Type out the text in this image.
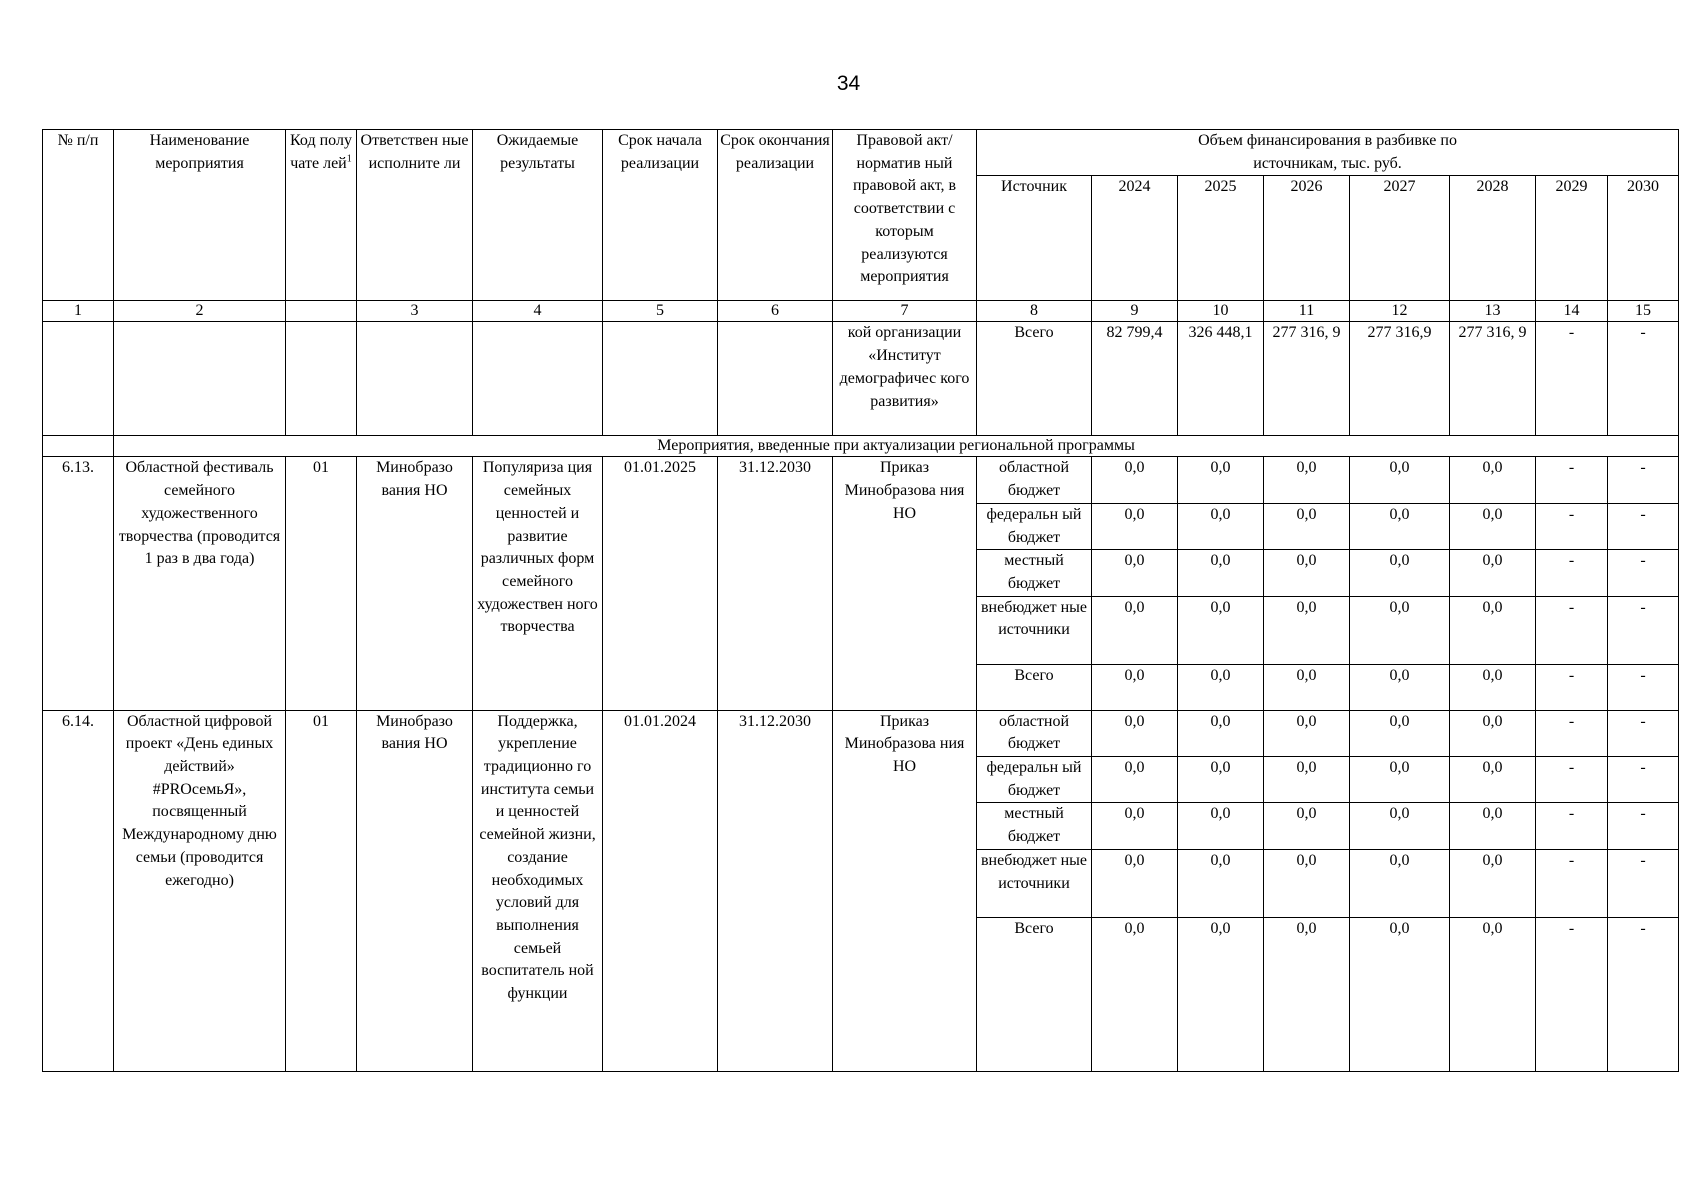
34
№ п/п	Наименование мероприятия	Код полу чате лей$^1$	Ответствен ные исполните ли	Ожидаемые результаты	Срок начала реализации	Срок окончания реализации	Правовой акт/норматив ный правовой акт, в соответствии с которым реализуются мероприятия	Объем финансирования в разбивке по источникам, тыс. руб.							
								Источник	2024	2025	2026	2027	2028	2029	2030
1	2		3	4	5	6	7	8	9	10	11	12	13	14	15
							кой организации «Институт демографичес кого развития»	Всего	82 799,4	326 448,1	277 316, 9	277 316,9	277 316, 9	-	-
	Мероприятия, введенные при актуализации региональной программы														
6.13.	Областной фестиваль семейного художественного творчества (проводится 1 раз в два года)	01	Минобразо вания НО	Популяриза ция семейных ценностей и развитие различных форм семейного художествен ного творчества	01.01.2025	31.12.2030	Приказ Минобразова ния НО	областной бюджет	0,0	0,0	0,0	0,0	0,0	-	-
								федеральн ый бюджет	0,0	0,0	0,0	0,0	0,0	-	-
								местный бюджет	0,0	0,0	0,0	0,0	0,0	-	-
								внебюджет ные источники	0,0	0,0	0,0	0,0	0,0	-	-
								Всего	0,0	0,0	0,0	0,0	0,0	-	-
6.14.	Областной цифровой проект «День единых действий» #PROсемьЯ», посвященный Международному дню семьи (проводится ежегодно)	01	Минобразо вания НО	Поддержка, укрепление традиционно го института семьи и ценностей семейной жизни, создание необходимых условий для выполнения семьей воспитатель ной функции	01.01.2024	31.12.2030	Приказ Минобразова ния НО	областной бюджет	0,0	0,0	0,0	0,0	0,0	-	-
								федеральн ый бюджет	0,0	0,0	0,0	0,0	0,0	-	-
								местный бюджет	0,0	0,0	0,0	0,0	0,0	-	-
								внебюджет ные источники	0,0	0,0	0,0	0,0	0,0	-	-
								Всего	0,0	0,0	0,0	0,0	0,0	-	-
